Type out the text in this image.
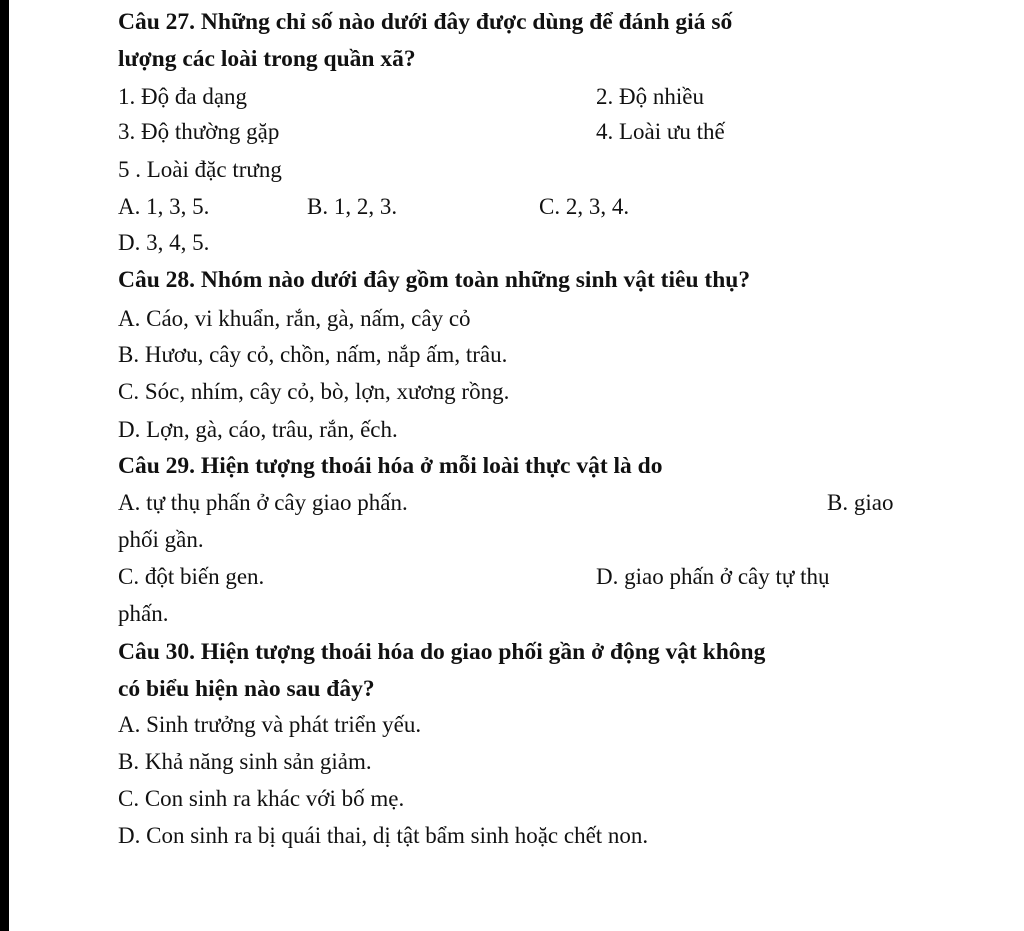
Câu 27. Những chỉ số nào dưới đây được dùng để đánh giá số
lượng các loài trong quần xã?
1. Độ đa dạng	2. Độ nhiều
3. Độ thường gặp	4. Loài ưu thế
5 . Loài đặc trưng
A. 1, 3, 5.	B. 1, 2, 3.	C. 2, 3, 4.
D. 3, 4, 5.
Câu 28. Nhóm nào dưới đây gồm toàn những sinh vật tiêu thụ?
A. Cáo, vi khuẩn, rắn, gà, nấm, cây cỏ
B. Hươu, cây cỏ, chồn, nấm, nắp ấm, trâu.
C. Sóc, nhím, cây cỏ, bò, lợn, xương rồng.
D. Lợn, gà, cáo, trâu, rắn, ếch.
Câu 29. Hiện tượng thoái hóa ở mỗi loài thực vật là do
A. tự thụ phấn ở cây giao phấn.	B. giao
phối gần.
C. đột biến gen.	D. giao phấn ở cây tự thụ
phấn.
Câu 30. Hiện tượng thoái hóa do giao phối gần ở động vật không
có biểu hiện nào sau đây?
A. Sinh trưởng và phát triển yếu.
B. Khả năng sinh sản giảm.
C. Con sinh ra khác với bố mẹ.
D. Con sinh ra bị quái thai, dị tật bẩm sinh hoặc chết non.
